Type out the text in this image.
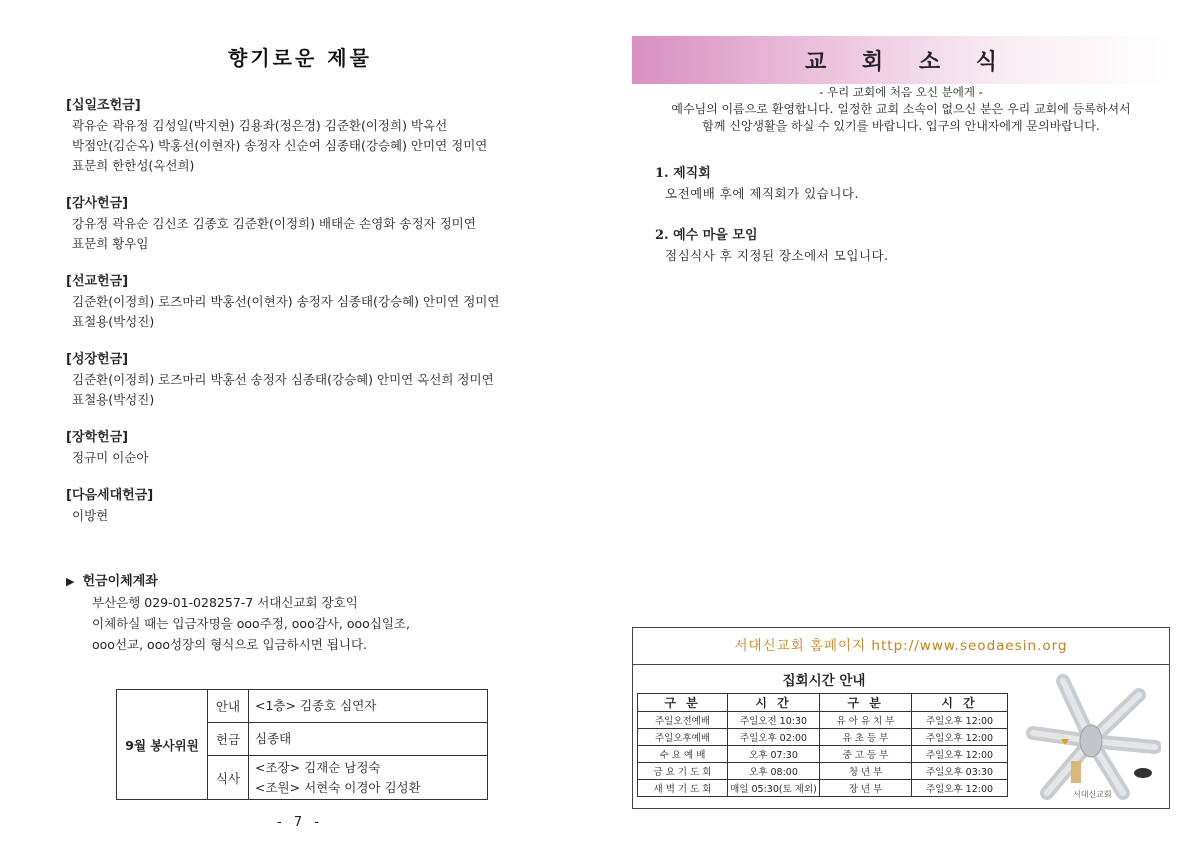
향기로운 제물
[십일조헌금]
곽유순 곽유정 김성일(박지현) 김용좌(정은경) 김준환(이정희) 박옥선
박점안(김순옥) 박홍선(이현자) 송정자 신순여 심종태(강승혜) 안미연 정미연
표문희 한한성(옥선희)
[감사헌금]
강유정 곽유순 김신조 김종호 김준환(이정희) 배태순 손영화 송정자 정미연
표문희 황우임
[선교헌금]
김준환(이정희) 로즈마리 박홍선(이현자) 송정자 심종태(강승혜) 안미연 정미연
표철용(박성진)
[성장헌금]
김준환(이정희) 로즈마리 박홍선 송정자 심종태(강승혜) 안미연 옥선희 정미연
표철용(박성진)
[장학헌금]
정규미 이순아
[다음세대헌금]
이방현
▶ 헌금이체계좌
부산은행 029-01-028257-7 서대신교회 장호익
이체하실 때는 입금자명을 ooo주정, ooo감사, ooo십일조,
ooo선교, ooo성장의 형식으로 입금하시면 됩니다.
9월 봉사위원	안내	<1층> 김종호 심연자
	헌금	심종태
	식사	<조장> 김재순 남정숙
<조원> 서현숙 이경아 김성환
- 7 -
교 회 소 식
- 우리 교회에 처음 오신 분에게 -
예수님의 이름으로 환영합니다. 일정한 교회 소속이 없으신 분은 우리 교회에 등록하셔서
함께 신앙생활을 하실 수 있기를 바랍니다. 입구의 안내자에게 문의바랍니다.
1. 제직회
오전예배 후에 제직회가 있습니다.
2. 예수 마을 모임
점심식사 후 지정된 장소에서 모입니다.
서대신교회 홈페이지 http://www.seodaesin.org
집회시간 안내
구 분	시 간	구 분	시 간
주일오전예배	주일오전 10:30	유 아 유 치 부	주일오후 12:00
주일오후예배	주일오후 02:00	유 초 등 부	주일오후 12:00
수 요 예 배	오후 07:30	중 고 등 부	주일오후 12:00
금 요 기 도 회	오후 08:00	청 년 부	주일오후 03:30
새 벽 기 도 회	매일 05:30(토 제외)	장 년 부	주일오후 12:00	서대신교회
